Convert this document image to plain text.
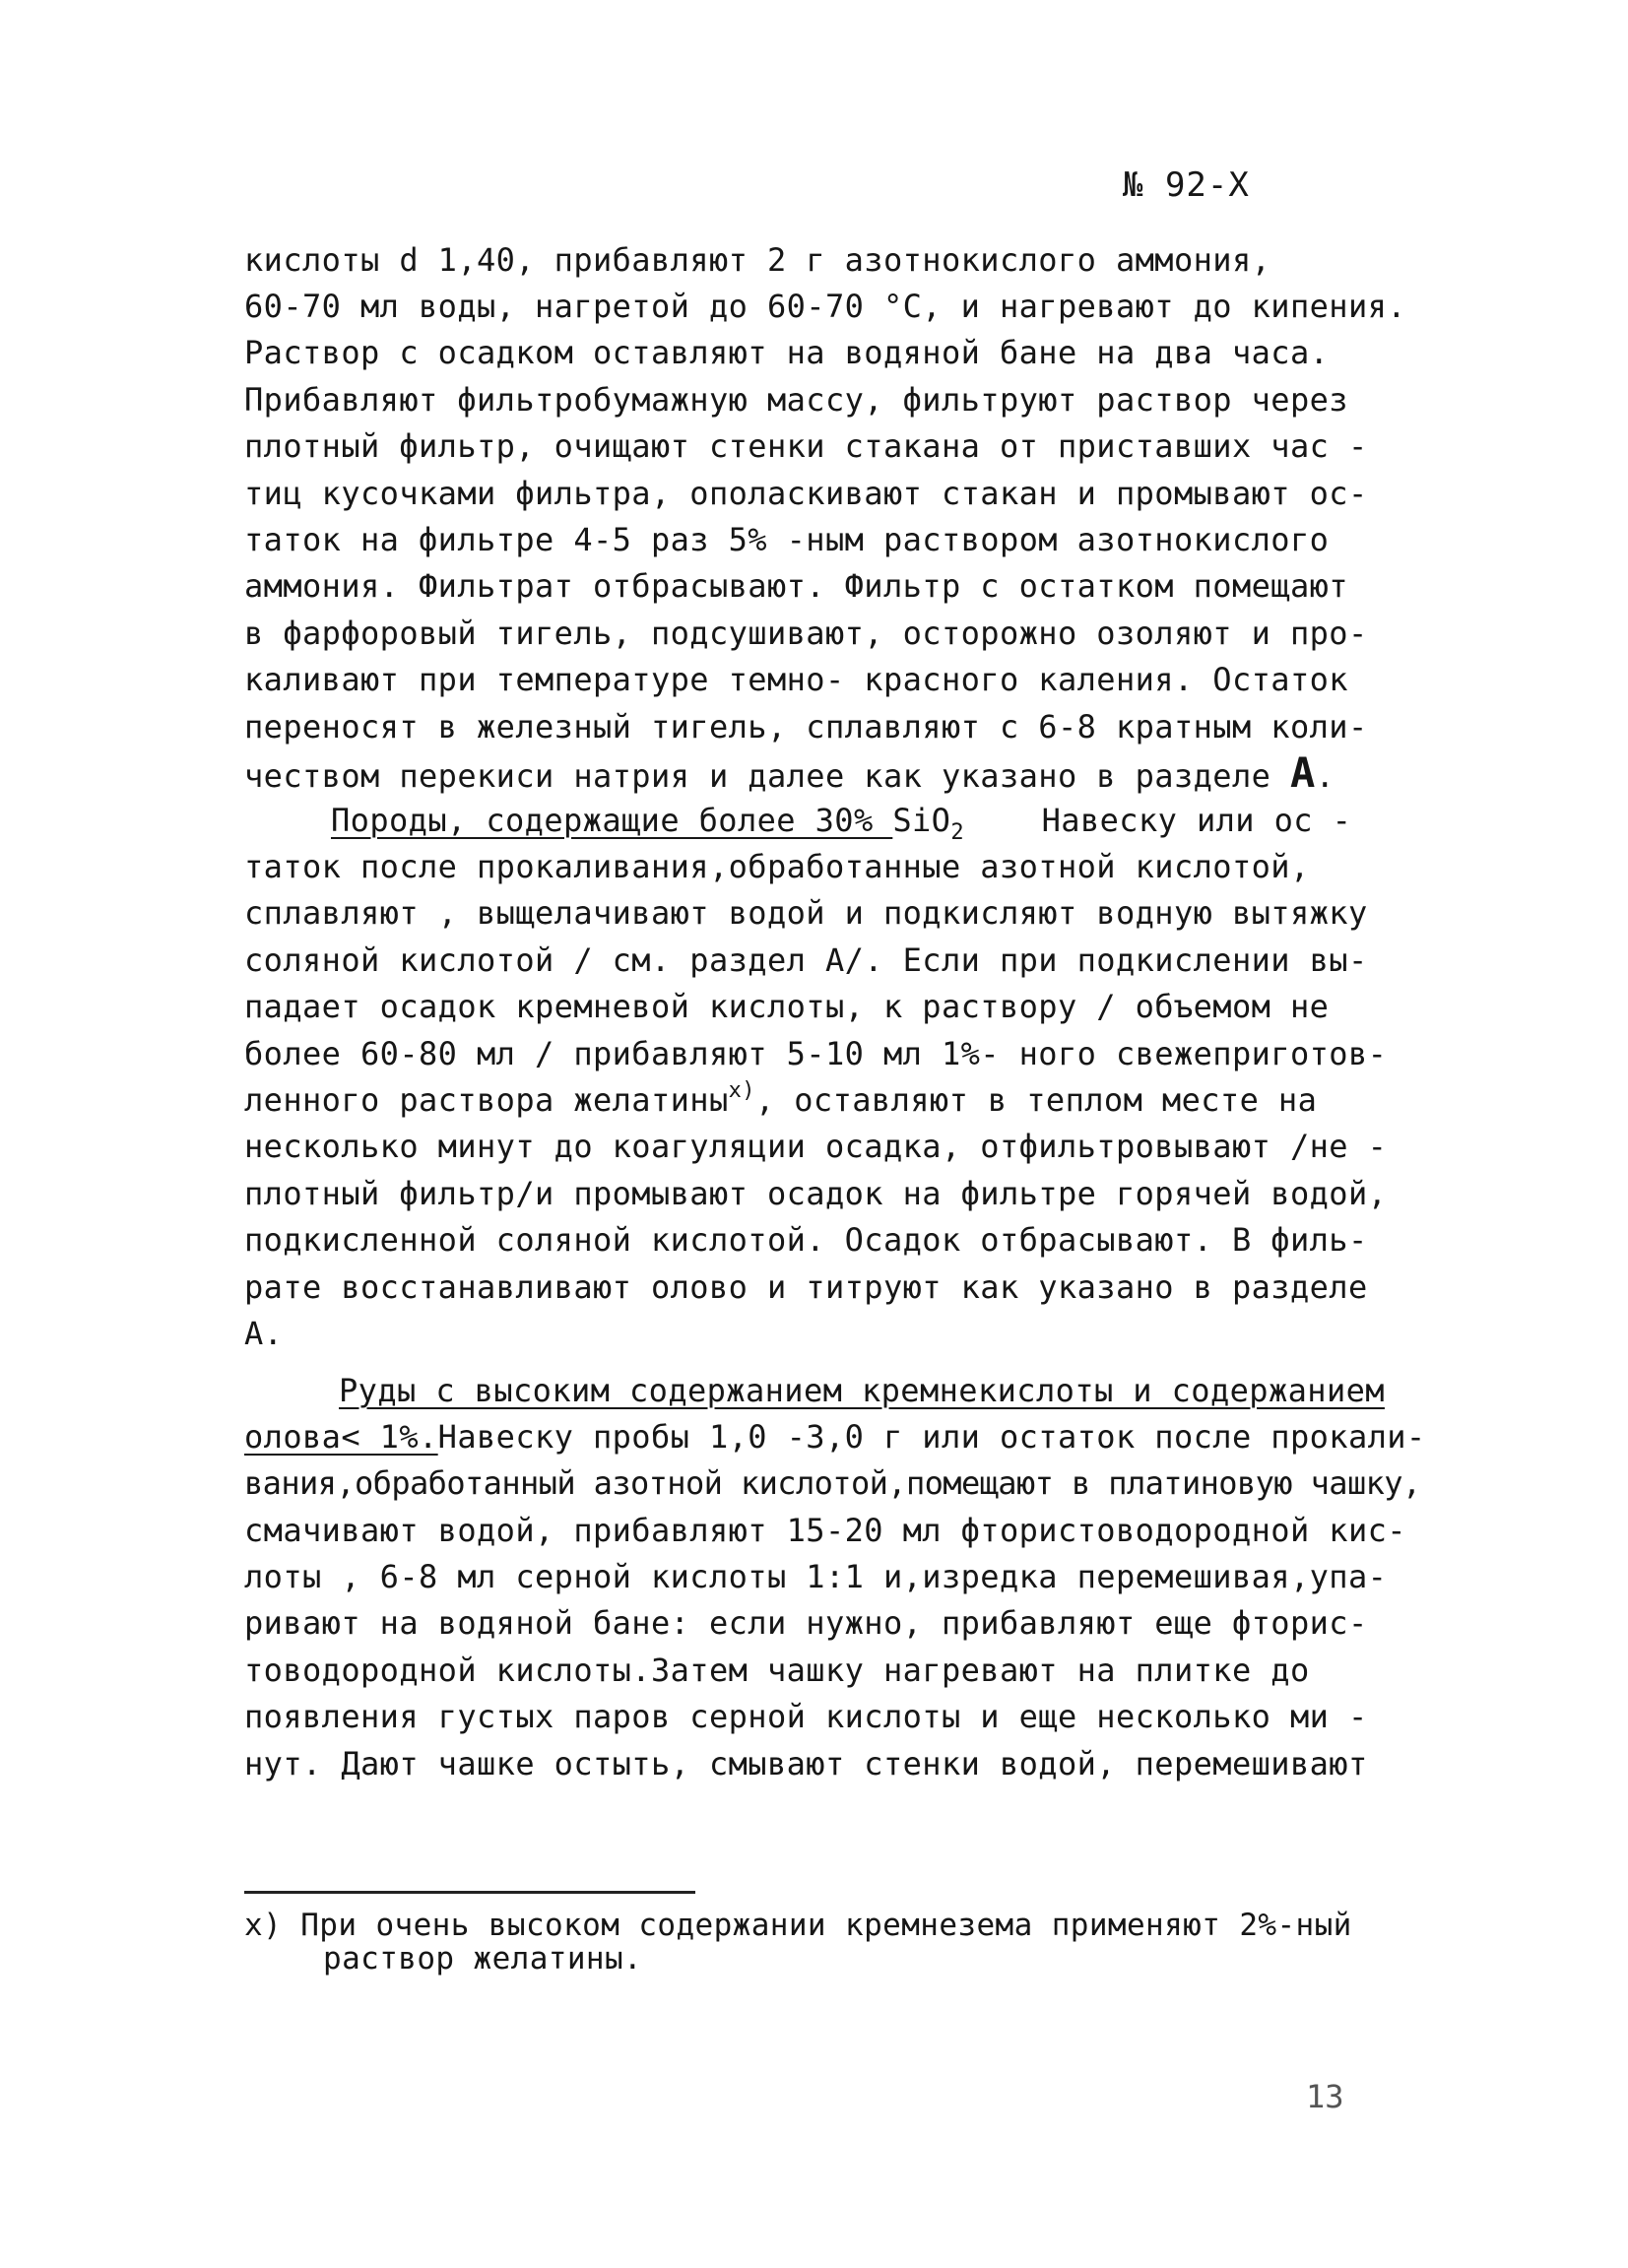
№ 92-Х
кислоты d 1,40, прибавляют 2 г азотнокислого аммония,
60-70 мл воды, нагретой до 60-70 °С, и нагревают до кипения.
Раствор с осадком оставляют на водяной бане на два часа.
Прибавляют фильтробумажную массу, фильтруют раствор через
плотный фильтр, очищают стенки стакана от приставших час -
тиц кусочками фильтра, ополаскивают стакан и промывают ос-
таток на фильтре 4-5 раз 5% -ным раствором азотнокислого
аммония. Фильтрат отбрасывают. Фильтр с остатком помещают
в фарфоровый тигель, подсушивают, осторожно озоляют и про-
каливают при температуре темно- красного каления. Остаток
переносят в железный тигель, сплавляют с 6-8 кратным коли-
чеством перекиси натрия и далее как указано в разделе А.
Породы, содержащие более 30% SiO$_2$    Навеску или ос -
таток после прокаливания,обработанные азотной кислотой,
сплавляют , выщелачивают водой и подкисляют водную вытяжку
соляной кислотой / см. раздел А/. Если при подкислении вы-
падает осадок кремневой кислоты, к раствору / объемом не
более 60-80 мл / прибавляют 5-10 мл 1%- ного свежеприготов-
ленного раствора желатины$^{х)}$, оставляют в теплом месте на
несколько минут до коагуляции осадка, отфильтровывают /не -
плотный фильтр/и промывают осадок на фильтре горячей водой,
подкисленной соляной кислотой. Осадок отбрасывают. В филь-
рате восстанавливают олово и титруют как указано в разделе
А.
Руды с высоким содержанием кремнекислоты и содержанием
олова< 1%.Навеску пробы 1,0 -3,0 г или остаток после прокали-
вания,обработанный азотной кислотой,помещают в платиновую чашку,
смачивают водой, прибавляют 15-20 мл фтористоводородной кис-
лоты , 6-8 мл серной кислоты 1:1 и,изредка перемешивая,упа-
ривают на водяной бане: если нужно, прибавляют еще фторис-
товодородной кислоты.Затем чашку нагревают на плитке до
появления густых паров серной кислоты и еще несколько ми -
нут. Дают чашке остыть, смывают стенки водой, перемешивают
х) При очень высоком содержании кремнезема применяют 2%-ный
раствор желатины.
13
